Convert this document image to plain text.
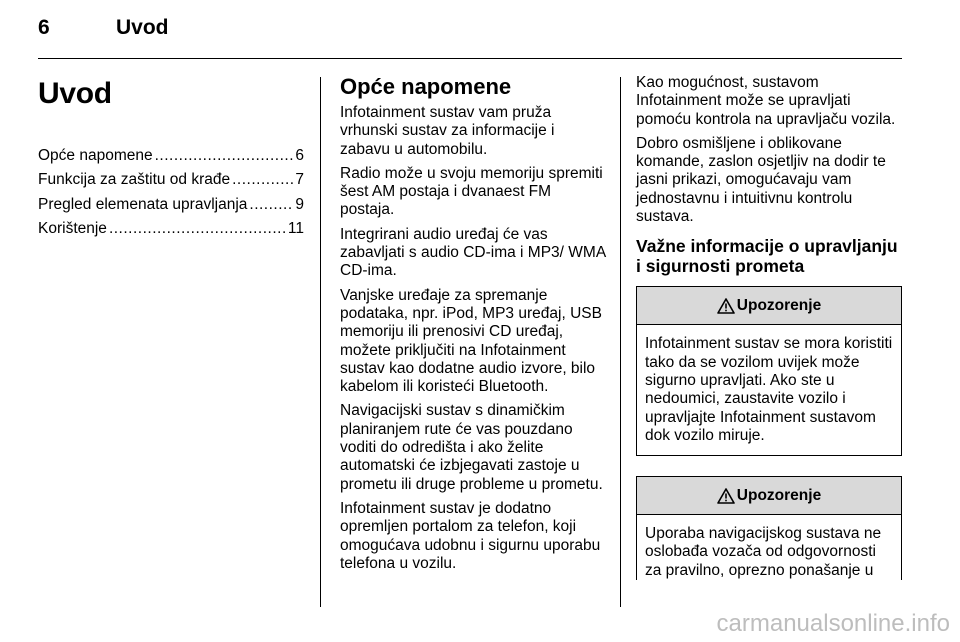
6	Uvod
Uvod
Opće napomene .....	6
Funkcija za zaštitu od krađe .....	7
Pregled elemenata upravljanja .....	9
Korištenje .....	11
Opće napomene

Infotainment sustav vam pruža vrhunski sustav za informacije i zabavu u automobilu.

Radio može u svoju memoriju spremiti šest AM postaja i dvanaest FM postaja.

Integrirani audio uređaj će vas zabavljati s audio CD-ima i MP3/ WMA CD-ima.

Vanjske uređaje za spremanje podataka, npr. iPod, MP3 uređaj, USB memoriju ili prenosivi CD uređaj, možete priključiti na Infotainment sustav kao dodatne audio izvore, bilo kabelom ili koristeći Bluetooth.

Navigacijski sustav s dinamičkim planiranjem rute će vas pouzdano voditi do odredišta i ako želite automatski će izbjegavati zastoje u prometu ili druge probleme u prometu.

Infotainment sustav je dodatno opremljen portalom za telefon, koji omogućava udobnu i sigurnu uporabu telefona u vozilu.

Kao mogućnost, sustavom Infotainment može se upravljati pomoću kontrola na upravljaču vozila.

Dobro osmišljene i oblikovane komande, zaslon osjetljiv na dodir te jasni prikazi, omogućavaju vam jednostavnu i intuitivnu kontrolu sustava.

Važne informacije o upravljanju i sigurnosti prometa
Upozorenje
Infotainment sustav se mora koristiti tako da se vozilom uvijek može sigurno upravljati. Ako ste u nedoumici, zaustavite vozilo i upravljajte Infotainment sustavom dok vozilo miruje.
Upozorenje
Uporaba navigacijskog sustava ne oslobađa vozača od odgovornosti za pravilno, oprezno ponašanje u
carmanualsonline.info
